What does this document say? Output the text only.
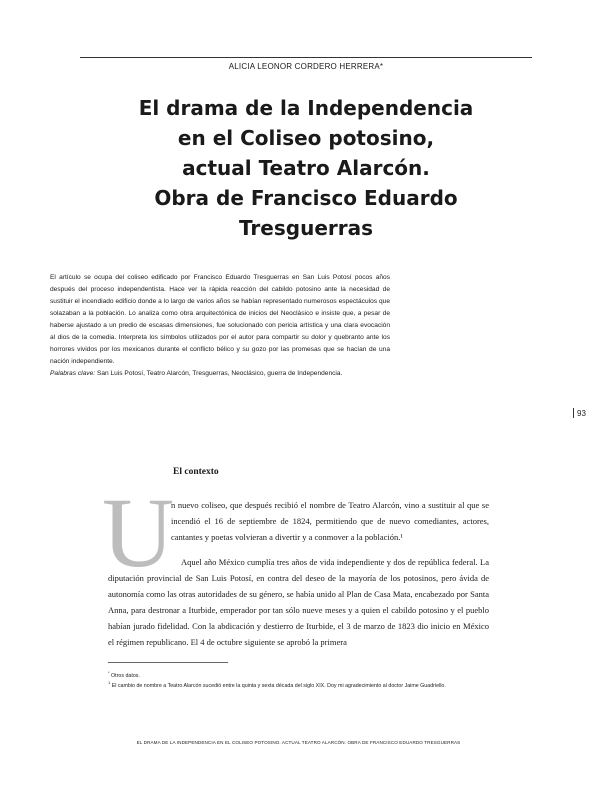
ALICIA LEONOR CORDERO HERRERA*
El drama de la Independencia
en el Coliseo potosino,
actual Teatro Alarcón.
Obra de Francisco Eduardo
Tresguerras
El artículo se ocupa del coliseo edificado por Francisco Eduardo Tresguerras en San Luis Potosí pocos años después del proceso independentista. Hace ver la rápida reacción del cabildo potosino ante la necesidad de sustituir el incendiado edificio donde a lo largo de varios años se habían representado numerosos espectáculos que solazaban a la población. Lo analiza como obra arquitectónica de inicios del Neoclásico e insiste que, a pesar de haberse ajustado a un predio de escasas dimensiones, fue solucionado con pericia artística y una clara evocación al dios de la comedia. Interpreta los símbolos utilizados por el autor para compartir su dolor y quebranto ante los horrores vividos por los mexicanos durante el conflicto bélico y su gozo por las promesas que se hacían de una nación independiente.
Palabras clave: San Luis Potosí, Teatro Alarcón, Tresguerras, Neoclásico, guerra de Independencia.
93
El contexto
U
n nuevo coliseo, que después recibió el nombre de Teatro Alarcón, vino a sustituir al que se incendió el 16 de septiembre de 1824, permitiendo que de nuevo comediantes, actores, cantantes y poetas volvieran a divertir y a conmover a la población.¹
Aquel año México cumplía tres años de vida independiente y dos de república federal. La diputación provincial de San Luis Potosí, en contra del deseo de la mayoría de los potosinos, pero ávida de autonomía como las otras autoridades de su género, se había unido al Plan de Casa Mata, encabezado por Santa Anna, para destronar a Iturbide, emperador por tan sólo nueve meses y a quien el cabildo potosino y el pueblo habían jurado fidelidad. Con la abdicación y destierro de Iturbide, el 3 de marzo de 1823 dio inicio en México el régimen republicano. El 4 de octubre siguiente se aprobó la primera
* Otros datos.
$^1$ El cambio de nombre a Teatro Alarcón sucedió entre la quinta y sexta década del siglo XIX. Doy mi agradecimiento al doctor Jaime Guadriello.
EL DRAMA DE LA INDEPENDENCIA EN EL COLISEO POTOSINO. ACTUAL TEATRO ALARCÓN. OBRA DE FRANCISCO EDUARDO TRESGUERRAS
